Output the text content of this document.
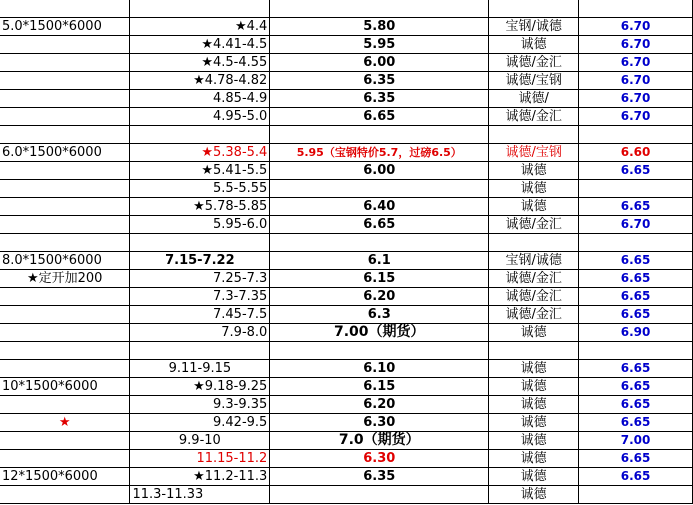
5.0*1500*6000	★4.4	5.80	宝钢/诚德	6.70
	★4.41-4.5	5.95	诚德	6.70
	★4.5-4.55	6.00	诚德/金汇	6.70
	★4.78-4.82	6.35	诚德/宝钢	6.70
	4.85-4.9	6.35	诚德/	6.70
	4.95-5.0	6.65	诚德/金汇	6.70

6.0*1500*6000	★5.38-5.4	5.95（宝钢特价5.7，过磅6.5）	诚德/宝钢	6.60
	★5.41-5.5	6.00	诚德	6.65
	5.5-5.55		诚德	
	★5.78-5.85	6.40	诚德	6.65
	5.95-6.0	6.65	诚德/金汇	6.70

8.0*1500*6000	7.15-7.22	6.1	宝钢/诚德	6.65
★定开加200	7.25-7.3	6.15	诚德/金汇	6.65
	7.3-7.35	6.20	诚德/金汇	6.65
	7.45-7.5	6.3	诚德/金汇	6.65
	7.9-8.0	7.00（期货）	诚德	6.90

	9.11-9.15	6.10	诚德	6.65
10*1500*6000	★9.18-9.25	6.15	诚德	6.65
	9.3-9.35	6.20	诚德	6.65
★	9.42-9.5	6.30	诚德	6.65
	9.9-10	7.0（期货）	诚德	7.00
	11.15-11.2	6.30	诚德	6.65
12*1500*6000	★11.2-11.3	6.35	诚德	6.65
	11.3-11.33		诚德	
